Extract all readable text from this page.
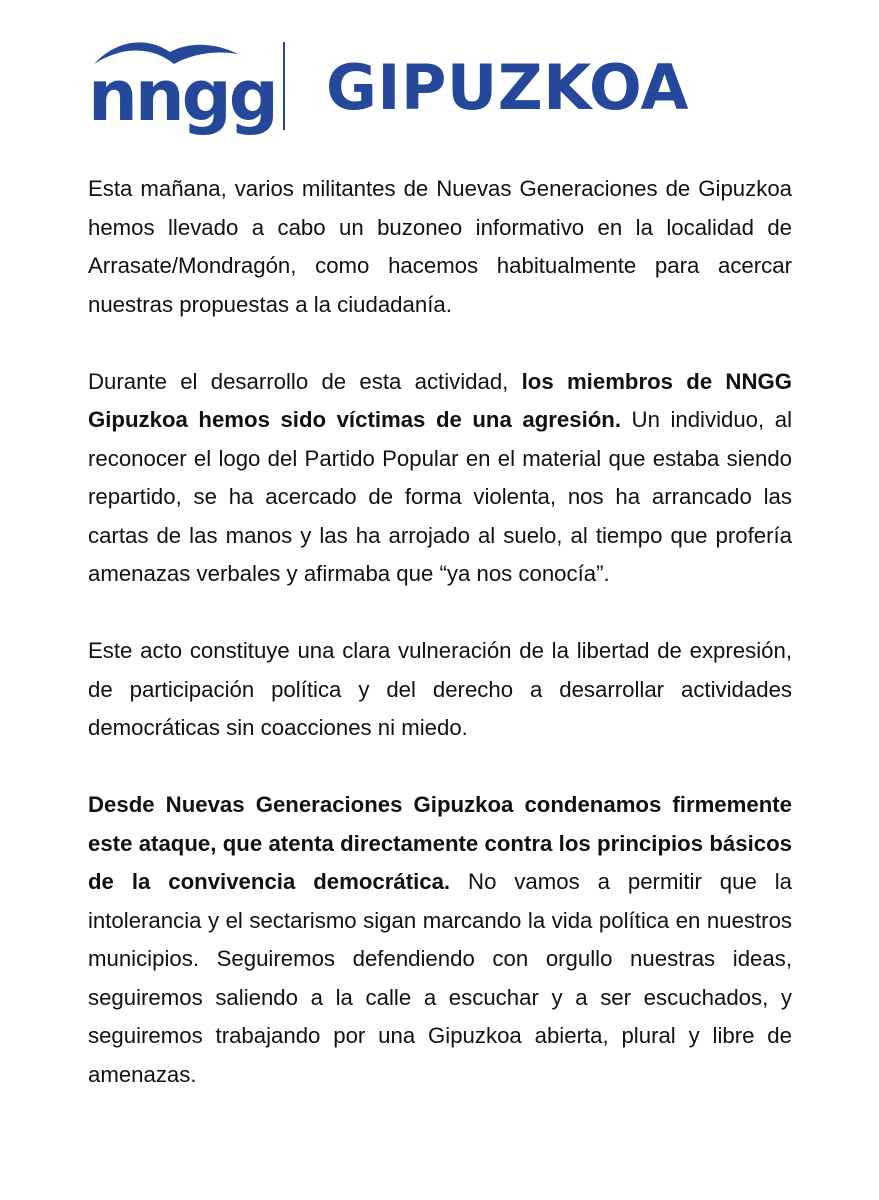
nngg GIPUZKOA

Esta mañana, varios militantes de Nuevas Generaciones de Gipuzkoa hemos llevado a cabo un buzoneo informativo en la localidad de Arrasate/Mondragón, como hacemos habitualmente para acercar nuestras propuestas a la ciudadanía.

Durante el desarrollo de esta actividad, los miembros de NNGG Gipuzkoa hemos sido víctimas de una agresión. Un individuo, al reconocer el logo del Partido Popular en el material que estaba siendo repartido, se ha acercado de forma violenta, nos ha arrancado las cartas de las manos y las ha arrojado al suelo, al tiempo que profería amenazas verbales y afirmaba que “ya nos conocía”.

Este acto constituye una clara vulneración de la libertad de expresión, de participación política y del derecho a desarrollar actividades democráticas sin coacciones ni miedo.

Desde Nuevas Generaciones Gipuzkoa condenamos firmemente este ataque, que atenta directamente contra los principios básicos de la convivencia democrática. No vamos a permitir que la intolerancia y el sectarismo sigan marcando la vida política en nuestros municipios. Seguiremos defendiendo con orgullo nuestras ideas, seguiremos saliendo a la calle a escuchar y a ser escuchados, y seguiremos trabajando por una Gipuzkoa abierta, plural y libre de amenazas.
